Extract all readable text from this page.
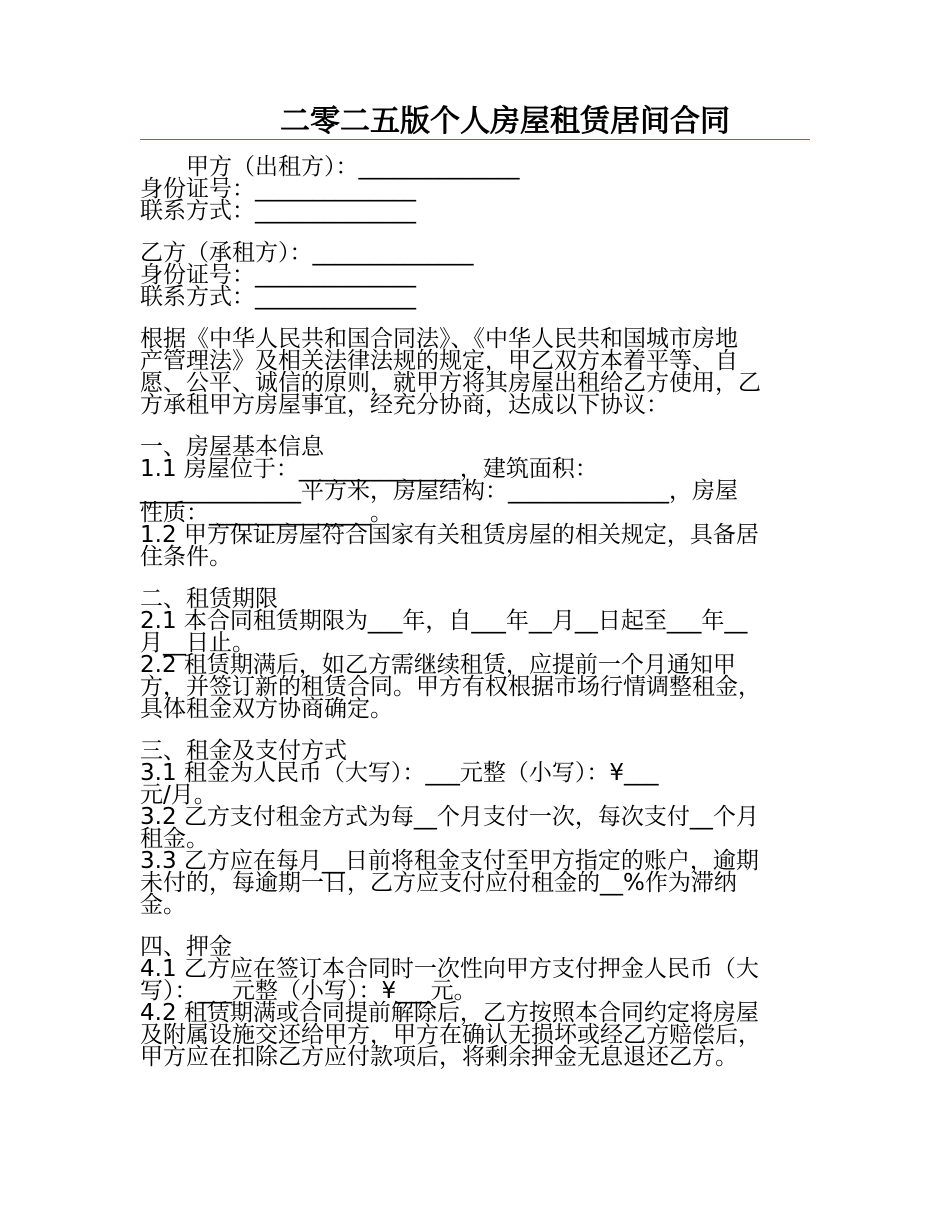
二零二五版个人房屋租赁居间合同
甲方（出租方）：______________
身份证号：______________
联系方式：______________
乙方（承租方）：______________
身份证号：______________
联系方式：______________
根据《中华人民共和国合同法》、《中华人民共和国城市房地
产管理法》及相关法律法规的规定，甲乙双方本着平等、自
愿、公平、诚信的原则，就甲方将其房屋出租给乙方使用，乙
方承租甲方房屋事宜，经充分协商，达成以下协议：
一、房屋基本信息
1.1 房屋位于：______________，建筑面积：
______________平方米，房屋结构：______________，房屋
性质：______________。
1.2 甲方保证房屋符合国家有关租赁房屋的相关规定，具备居
住条件。
二、租赁期限
2.1 本合同租赁期限为___年，自___年__月__日起至___年__
月__日止。
2.2 租赁期满后，如乙方需继续租赁，应提前一个月通知甲
方，并签订新的租赁合同。甲方有权根据市场行情调整租金，
具体租金双方协商确定。
三、租金及支付方式
3.1 租金为人民币（大写）：___元整（小写）：¥___
元/月。
3.2 乙方支付租金方式为每__个月支付一次，每次支付__个月
租金。
3.3 乙方应在每月__日前将租金支付至甲方指定的账户，逾期
未付的，每逾期一日，乙方应支付应付租金的__%作为滞纳
金。
四、押金
4.1 乙方应在签订本合同时一次性向甲方支付押金人民币（大
写）：___元整（小写）：¥___元。
4.2 租赁期满或合同提前解除后，乙方按照本合同约定将房屋
及附属设施交还给甲方，甲方在确认无损坏或经乙方赔偿后，
甲方应在扣除乙方应付款项后，将剩余押金无息退还乙方。
